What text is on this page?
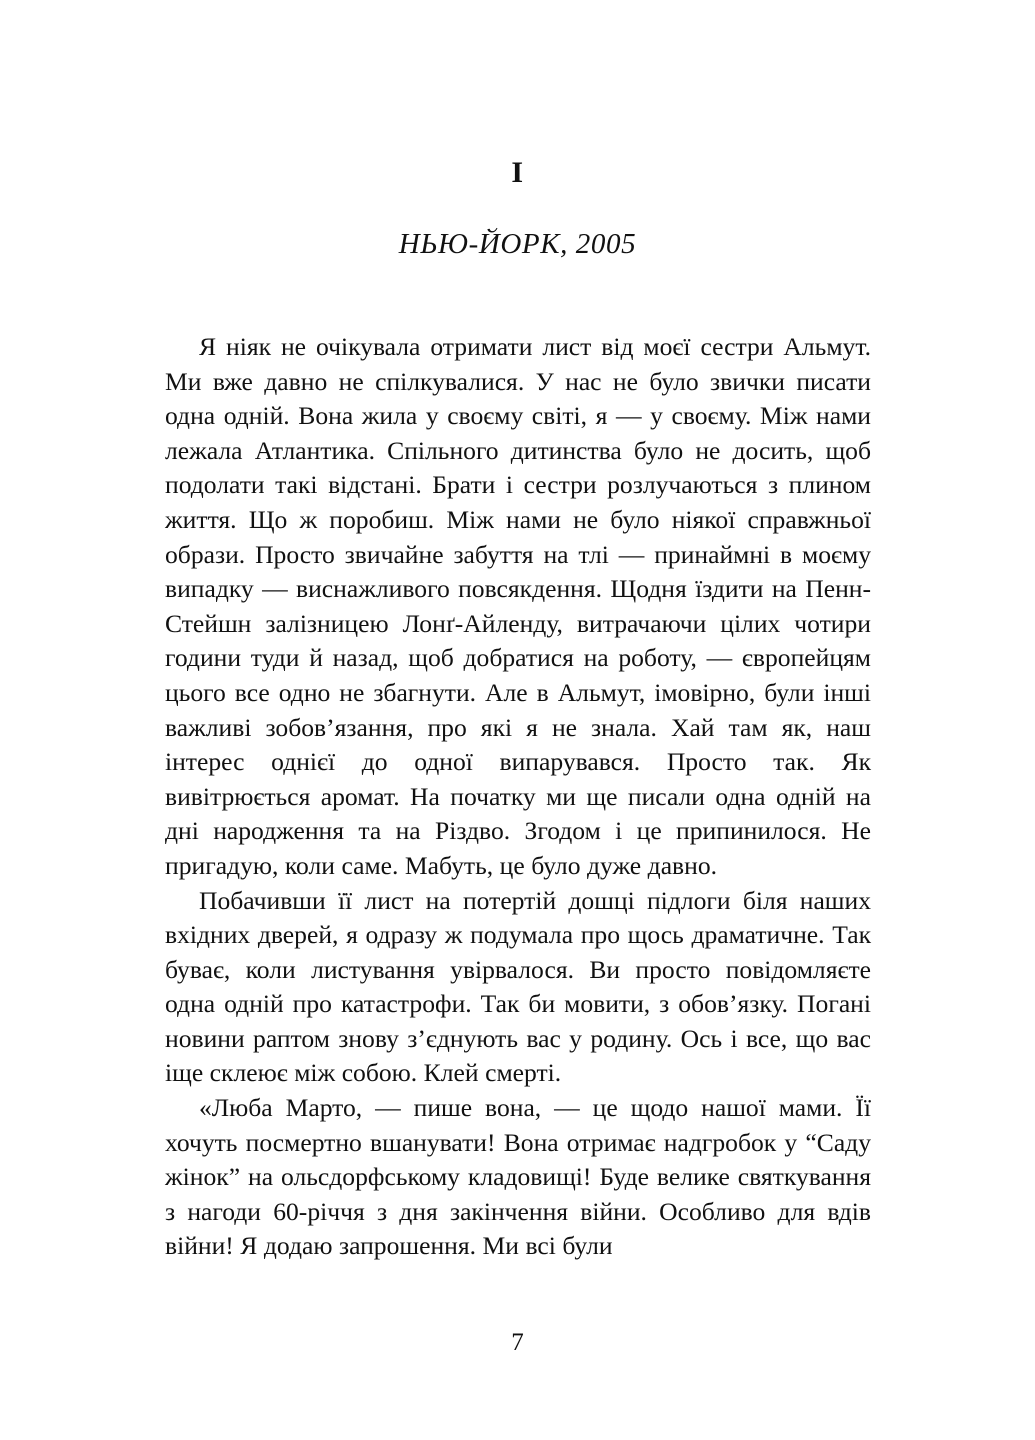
I
НЬЮ-ЙОРК, 2005

Я ніяк не очікувала отримати лист від моєї сестри Альмут. Ми вже давно не спілкувалися. У нас не було звички писати одна одній. Вона жила у своєму світі, я — у своєму. Між нами лежала Атлантика. Спільного дитинства було не досить, щоб подолати такі відстані. Брати і сестри розлучаються з плином життя. Що ж поробиш. Між нами не було ніякої справжньої образи. Просто звичайне забуття на тлі — принаймні в моєму випадку — виснажливого повсякдення. Щодня їздити на Пенн-Стейшн залізницею Лонґ-Айленду, витрачаючи цілих чотири години туди й назад, щоб добратися на роботу, — європейцям цього все одно не збагнути. Але в Альмут, імовірно, були інші важливі зобов’язання, про які я не знала. Хай там як, наш інтерес однієї до одної випарувався. Просто так. Як вивітрюється аромат. На початку ми ще писали одна одній на дні народження та на Різдво. Згодом і це припинилося. Не пригадую, коли саме. Мабуть, це було дуже давно.

Побачивши її лист на потертій дошці підлоги біля наших вхідних дверей, я одразу ж подумала про щось драматичне. Так буває, коли листування увірвалося. Ви просто повідомляєте одна одній про катастрофи. Так би мовити, з обов’язку. Погані новини раптом знову з’єднують вас у родину. Ось і все, що вас іще склеює між собою. Клей смерті.

«Люба Марто, — пише вона, — це щодо нашої мами. Її хочуть посмертно вшанувати! Вона отримає надгробок у “Саду жінок” на ольсдорфському кладовищі! Буде велике святкування з нагоди 60-річчя з дня закінчення війни. Особливо для вдів війни! Я додаю запрошення. Ми всі були

7
